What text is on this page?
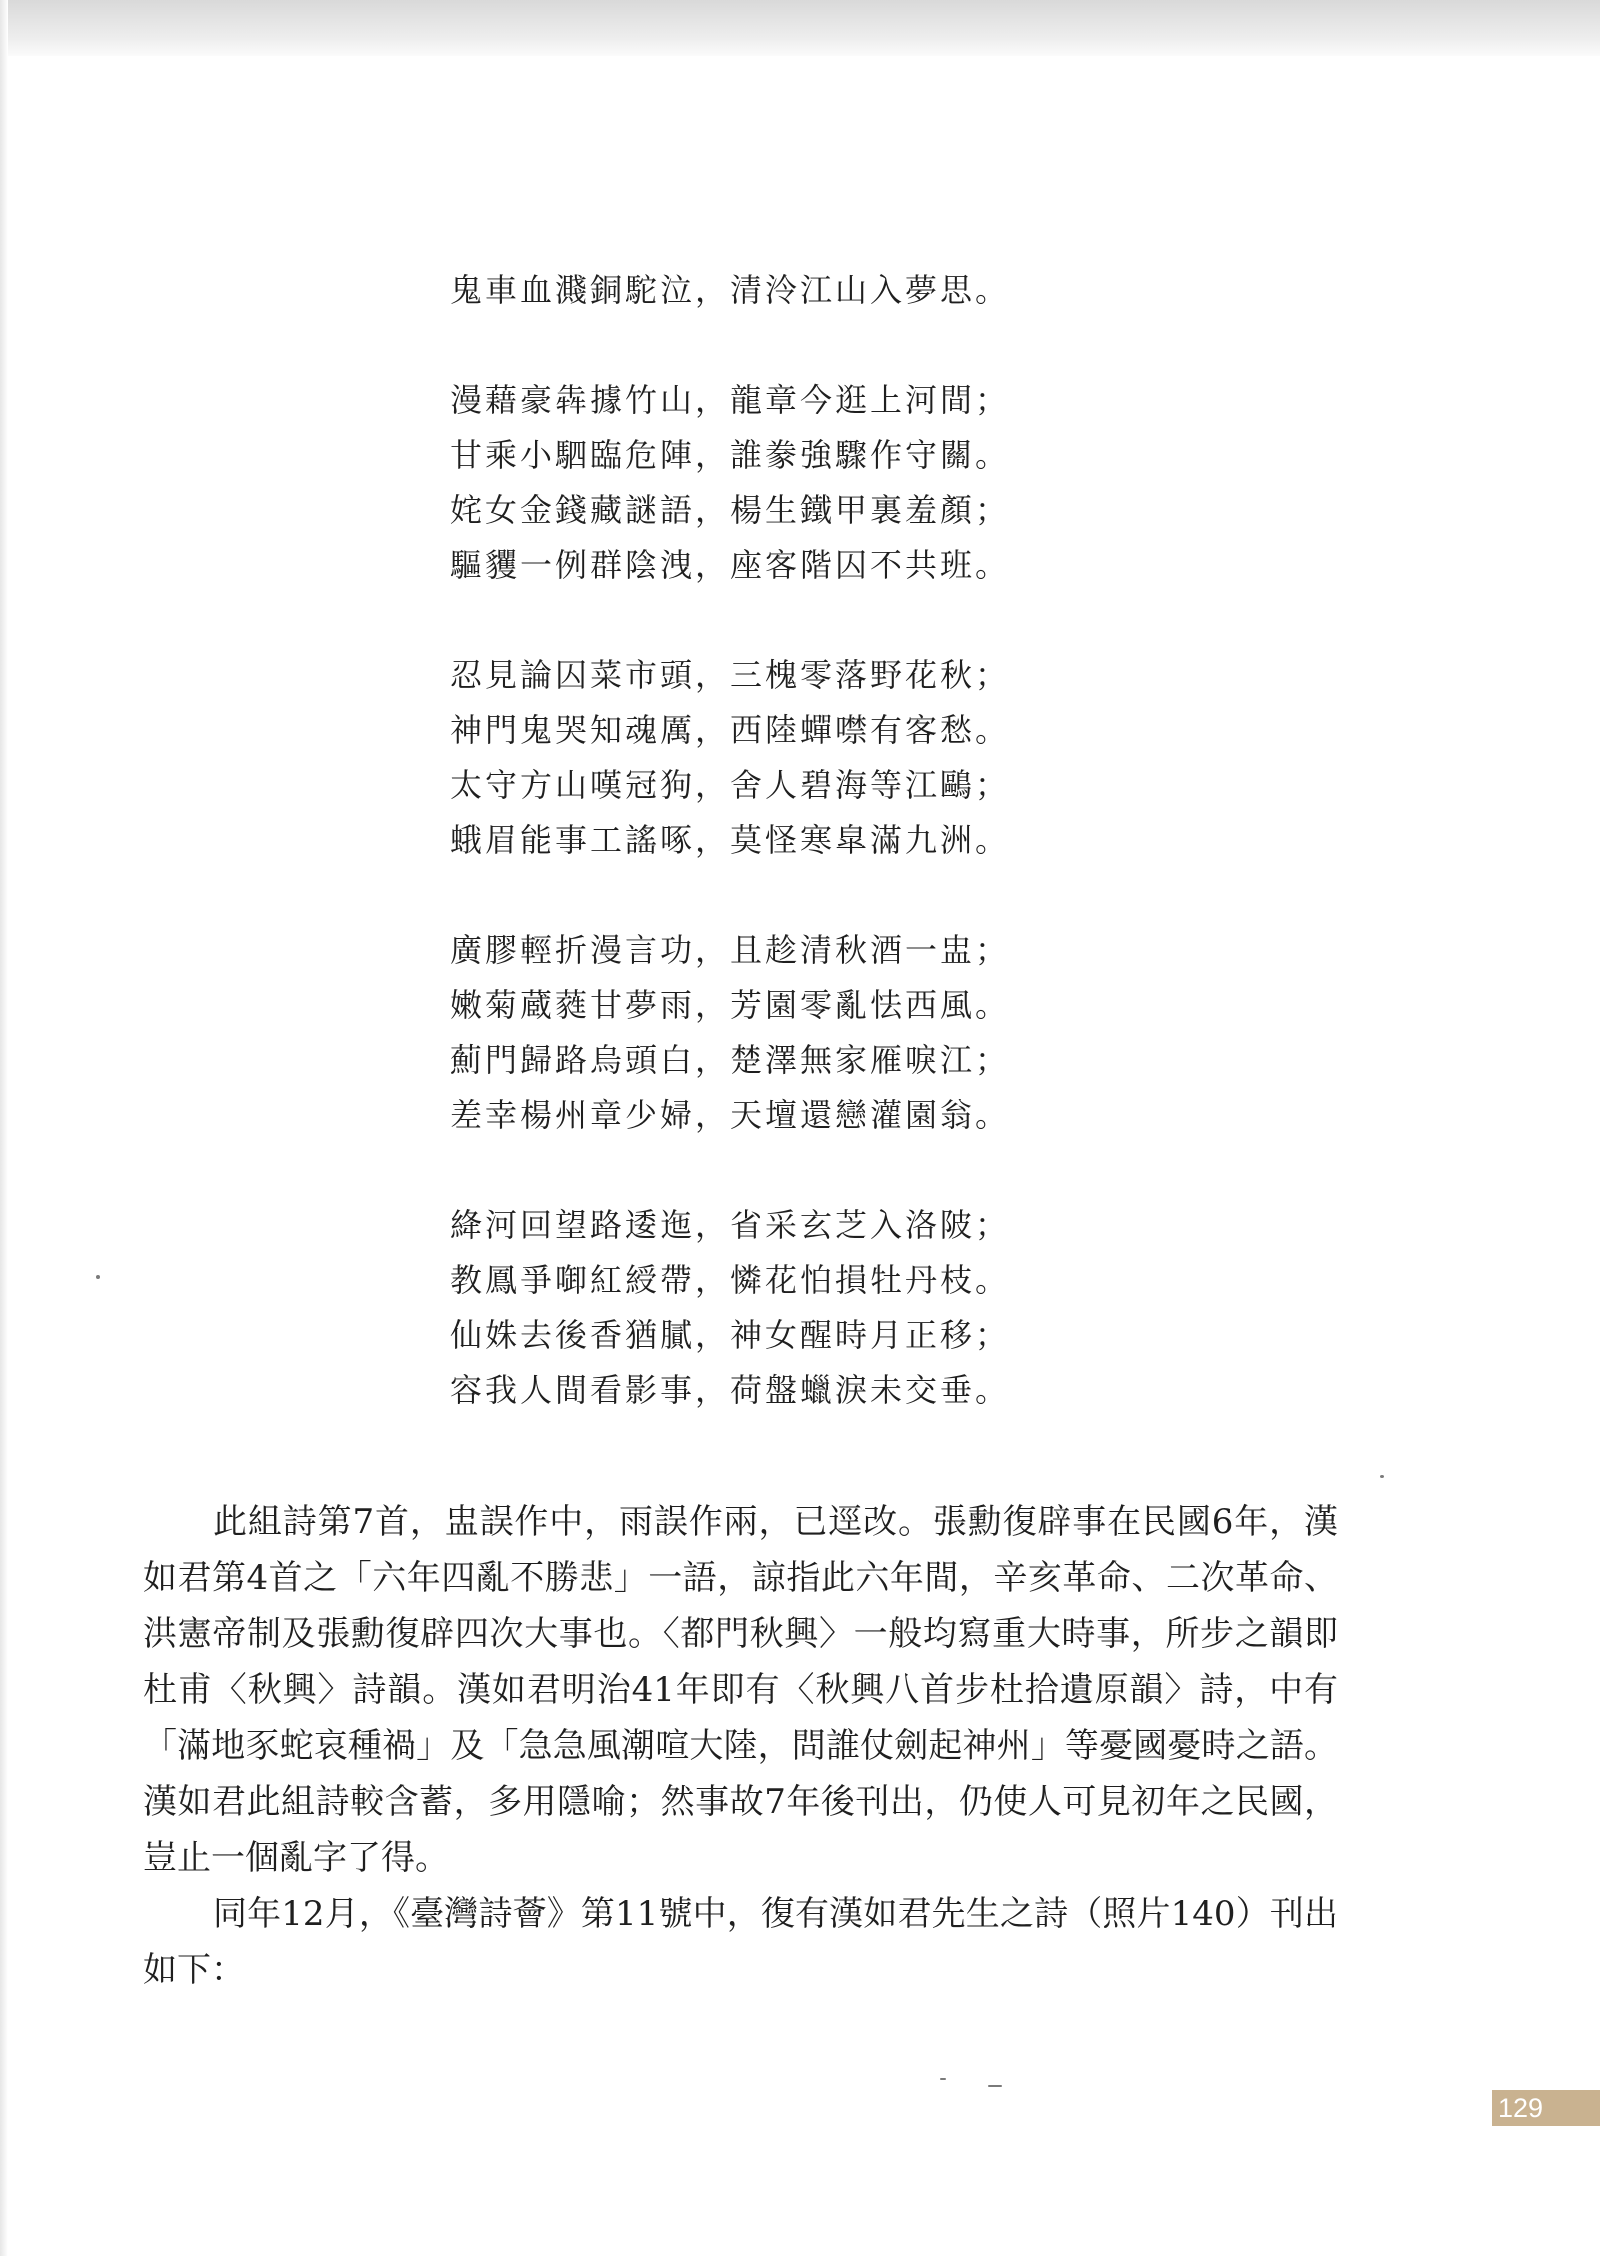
鬼車血濺銅駝泣，清泠江山入夢思。
漫藉豪犇據竹山，龍章今逛上河間；
甘乘小駟臨危陣，誰豢強驟作守關。
姹女金錢藏謎語，楊生鐵甲裏羞顏；
驅貜一例群陰洩，座客階囚不共班。
忍見論囚菜市頭，三槐零落野花秋；
神門鬼哭知魂厲，西陸蟬噤有客愁。
太守方山嘆冠狗，舍人碧海等江鷗；
蛾眉能事工謠啄，莫怪寒皐滿九洲。
廣膠輕折漫言功，且趁清秋酒一盅；
嫩菊蔵蕤甘夢雨，芳園零亂怯西風。
薊門歸路烏頭白，楚澤無家雁唳江；
差幸楊州章少婦，天壇還戀灌園翁。
絳河回望路逶迤，省采玄芝入洛陂；
教鳳爭啣紅綬帶，憐花怕損牡丹枝。
仙姝去後香猶膩，神女醒時月正移；
容我人間看影事，荷盤蠟淚未交垂。

此組詩第7首，盅誤作中，雨誤作兩，已逕改。張勳復辟事在民國6年，漢如君第4首之「六年四亂不勝悲」一語，諒指此六年間，辛亥革命、二次革命、洪憲帝制及張勳復辟四次大事也。〈都門秋興〉一般均寫重大時事，所步之韻即杜甫〈秋興〉詩韻。漢如君明治41年即有〈秋興八首步杜拾遺原韻〉詩，中有「滿地豕蛇哀種禍」及「急急風潮喧大陸，問誰仗劍起神州」等憂國憂時之語。漢如君此組詩較含蓄，多用隱喻；然事故7年後刊出，仍使人可見初年之民國，豈止一個亂字了得。

同年12月，《臺灣詩薈》第11號中，復有漢如君先生之詩（照片140）刊出如下：

129
